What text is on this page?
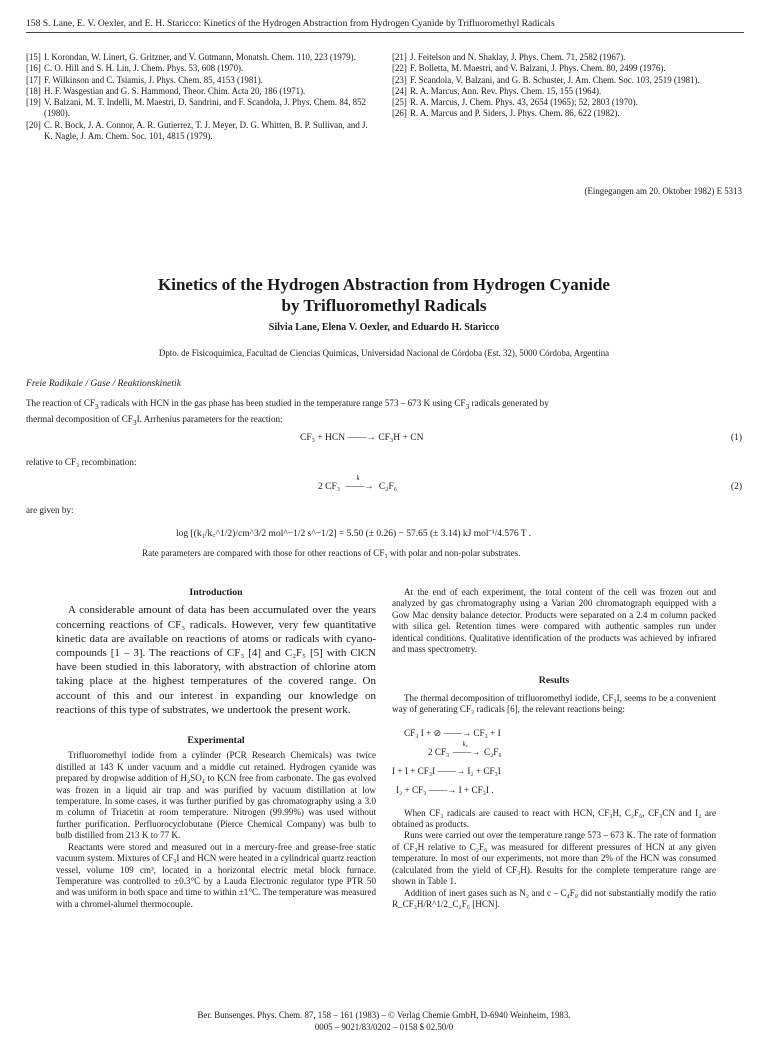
158 S. Lane, E. V. Oexler, and E. H. Staricco: Kinetics of the Hydrogen Abstraction from Hydrogen Cyanide by Trifluoromethyl Radicals
[15] I. Korondan, W. Linert, G. Gritzner, and V. Gutmann, Monatsh. Chem. 110, 223 (1979).
[16] C. O. Hill and S. H. Lin, J. Chem. Phys. 53, 608 (1970).
[17] F. Wilkinson and C. Tsiamis, J. Phys. Chem. 85, 4153 (1981).
[18] H. F. Wasgestian and G. S. Hammond, Theor. Chim. Acta 20, 186 (1971).
[19] V. Balzani, M. T. Indelli, M. Maestri, D. Sandrini, and F. Scandola, J. Phys. Chem. 84, 852 (1980).
[20] C. R. Bock, J. A. Connor, A. R. Gutierrez, T. J. Meyer, D. G. Whitten, B. P. Sullivan, and J. K. Nagle, J. Am. Chem. Soc. 101, 4815 (1979).
[21] J. Feitelson and N. Shaklay, J. Phys. Chem. 71, 2582 (1967).
[22] F. Bolletta, M. Maestri, and V. Balzani, J. Phys. Chem. 80, 2499 (1976).
[23] F. Scandola, V. Balzani, and G. B. Schuster, J. Am. Chem. Soc. 103, 2519 (1981).
[24] R. A. Marcus, Ann. Rev. Phys. Chem. 15, 155 (1964).
[25] R. A. Marcus, J. Chem. Phys. 43, 2654 (1965); 52, 2803 (1970).
[26] R. A. Marcus and P. Siders, J. Phys. Chem. 86, 622 (1982).
(Eingegangen am 20. Oktober 1982) E 5313
Kinetics of the Hydrogen Abstraction from Hydrogen Cyanide
by Trifluoromethyl Radicals
Silvia Lane, Elena V. Oexler, and Eduardo H. Staricco
Dpto. de Fisicoquimica, Facultad de Ciencias Quimicas, Universidad Nacional de Córdoba (Est. 32), 5000 Córdoba, Argentina
Freie Radikale / Gase / Reaktionskinetik
The reaction of $CF_3$ radicals with HCN in the gas phase has been studied in the temperature range 573 – 673 K using $CF_3$ radicals generated by
thermal decomposition of $CF_3I$. Arrhenius parameters for the reaction:
CF₃ + HCN ——→ CF₃H + CN	(1)
relative to CF₃ recombination:
2 CF₃
k
——→ C₂F₆	(2)
are given by:
log [(k₁/k꜀^1/2)/cm^3/2 mol^−1/2 s^−1/2] = 5.50 (± 0.26) − 57.65 (± 3.14) kJ mol⁻¹/4.576 T .
Rate parameters are compared with those for other reactions of CF₃ with polar and non-polar substrates.
Introduction

A considerable amount of data has been accumulated over the years concerning reactions of CF₃ radicals. However, very few quantitative kinetic data are available on reactions of atoms or radicals with cyano-compounds [1 – 3]. The reactions of CF₃ [4] and C₂F₅ [5] with ClCN have been studied in this laboratory, with abstraction of chlorine atom taking place at the highest temperatures of the covered range. On account of this and our interest in expanding our knowledge on reactions of this type of substrates, we undertook the present work.

Experimental

Trifluoromethyl iodide from a cylinder (PCR Research Chemicals) was twice distilled at 143 K under vacuum and a middle cut retained. Hydrogen cyanide was prepared by dropwise addition of H₂SO₄ to KCN free from carbonate. The gas evolved was frozen in a liquid air trap and was purified by vacuum distillation at low temperature. In some cases, it was further purified by gas chromatography using a 3.0 m column of Triacetin at room temperature. Nitrogen (99.99%) was used without further purification. Perfluorocyclobutane (Pierce Chemical Company) was bulb to bulb distilled from 213 K to 77 K.

Reactants were stored and measured out in a mercury-free and grease-free static vacuum system. Mixtures of CF₃I and HCN were heated in a cylindrical quartz reaction vessel, volume 109 cm³, located in a horizontal electric metal block furnace. Temperature was controlled to ±0.3°C by a Lauda Electronic regulator type PTR 50 and was uniform in both space and time to within ±1°C. The temperature was measured with a chromel-alumel thermocouple.

At the end of each experiment, the total content of the cell was frozen out and analyzed by gas chromatography using a Varian 200 chromatograph equipped with a Gow Mac density balance detector. Products were separated on a 2.4 m column packed with silica gel. Retention times were compared with authentic samples run under identical conditions. Qualitative identification of the products was achieved by infrared and mass spectrometry.

Results

The thermal decomposition of trifluoromethyl iodide, CF₃I, seems to be a convenient way of generating CF₃ radicals [6], the relevant reactions being:

CF₃ I + ⊘ ——→ CF₃ + I
2 CF₃
k꜀
——→ C₂F₆
I + I + CF₃I ——→ I₂ + CF₃I
I₂ + CF₃ ——→ I + CF₃I .

When CF₃ radicals are caused to react with HCN, CF₃H, C₂F₆, CF₃CN and I₂ are obtained as products.

Runs were carried out over the temperature range 573 – 673 K. The rate of formation of CF₃H relative to C₂F₆ was measured for different pressures of HCN at any given temperature. In most of our experiments, not more than 2% of the HCN was consumed (calculated from the yield of CF₃H). Results for the complete temperature range are shown in Table 1.

Addition of inert gases such as N₂ and c – C₄F₈ did not substantially modify the ratio R_CF₃H/R^1/2_C₂F₆ [HCN].

Ber. Bunsenges. Phys. Chem. 87, 158 – 161 (1983) – © Verlag Chemie GmbH, D-6940 Weinheim, 1983.
0005 – 9021/83/0202 – 0158 $ 02.50/0
